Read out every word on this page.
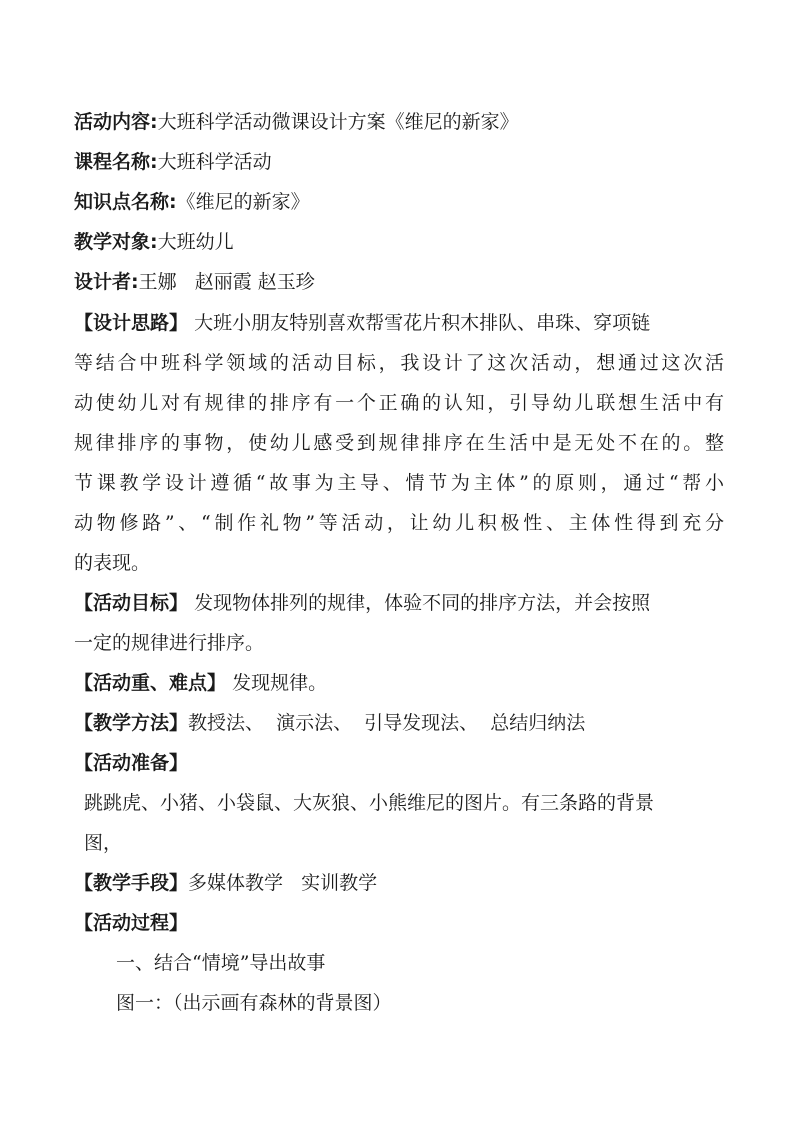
活动内容:大班科学活动微课设计方案《维尼的新家》
课程名称:大班科学活动
知识点名称:《维尼的新家》
教学对象:大班幼儿
设计者:王娜   赵丽霞 赵玉珍
【设计思路】 大班小朋友特别喜欢帮雪花片积木排队、串珠、穿项链
等结合中班科学领域的活动目标，我设计了这次活动，想通过这次活
动使幼儿对有规律的排序有一个正确的认知，引导幼儿联想生活中有
规律排序的事物，使幼儿感受到规律排序在生活中是无处不在的。整
节课教学设计遵循“故事为主导、情节为主体”的原则，通过“帮小
动物修路”、“制作礼物”等活动，让幼儿积极性、主体性得到充分
的表现。
【活动目标】 发现物体排列的规律，体验不同的排序方法，并会按照
一定的规律进行排序。
【活动重、难点】 发现规律。
【教学方法】教授法、  演示法、  引导发现法、  总结归纳法
【活动准备】
跳跳虎、小猪、小袋鼠、大灰狼、小熊维尼的图片。有三条路的背景
图，
【教学手段】多媒体教学   实训教学
【活动过程】
一、结合“情境”导出故事
图一：（出示画有森林的背景图）
